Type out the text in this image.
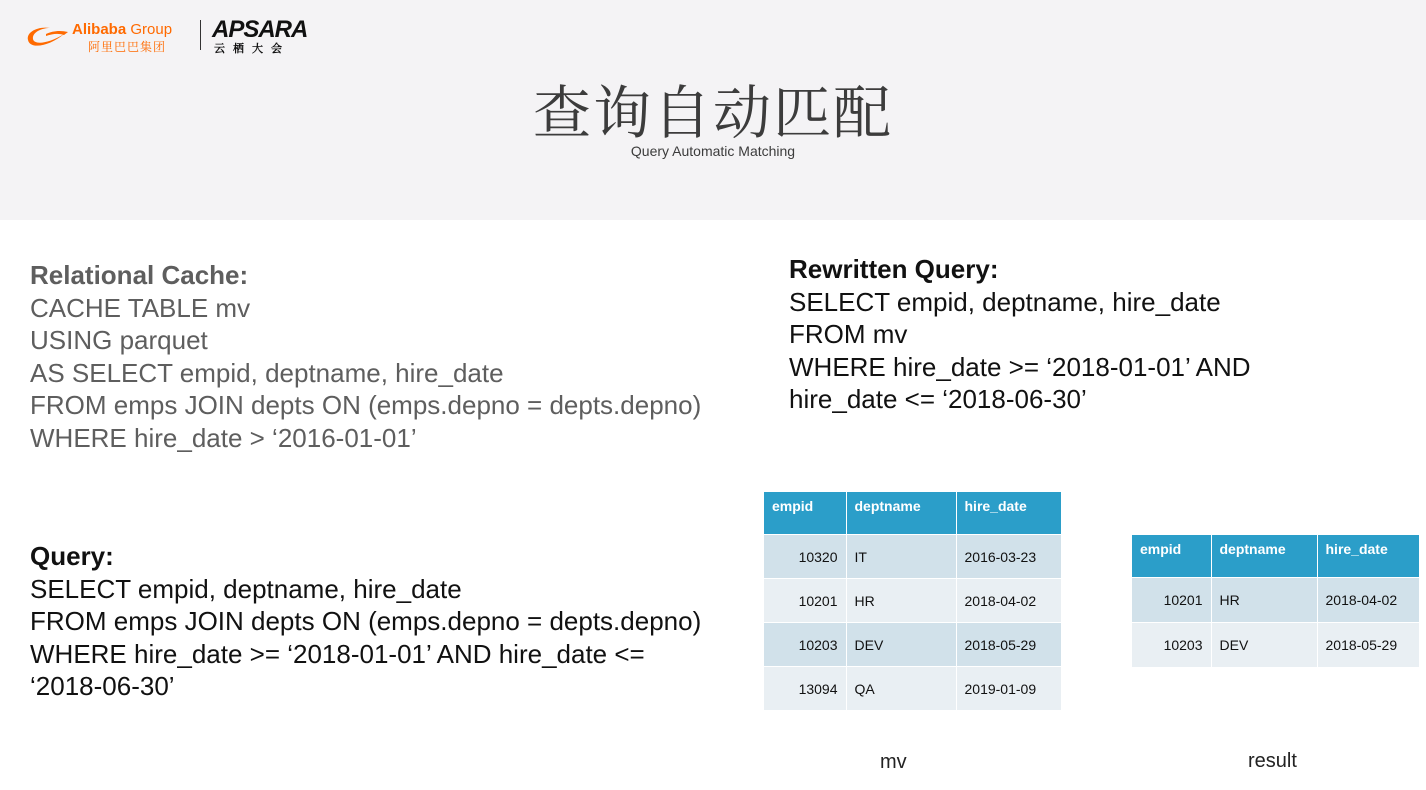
Alibaba Group
阿里巴巴集团
APSARA
云栖大会
查询自动匹配
Query Automatic Matching
Relational Cache:
CACHE TABLE mv
USING parquet
AS SELECT empid, deptname, hire_date
FROM emps JOIN depts ON (emps.depno = depts.depno)
WHERE hire_date > ‘2016-01-01’
Rewritten Query:
SELECT empid, deptname, hire_date
FROM mv
WHERE hire_date >= ‘2018-01-01’ AND
hire_date <= ‘2018-06-30’
Query:
SELECT empid, deptname, hire_date
FROM emps JOIN depts ON (emps.depno = depts.depno)
WHERE hire_date >= ‘2018-01-01’ AND hire_date <=
‘2018-06-30’
empid	deptname	hire_date
10320	IT	2016-03-23
10201	HR	2018-04-02
10203	DEV	2018-05-29
13094	QA	2019-01-09
empid	deptname	hire_date
10201	HR	2018-04-02
10203	DEV	2018-05-29
mv	result
